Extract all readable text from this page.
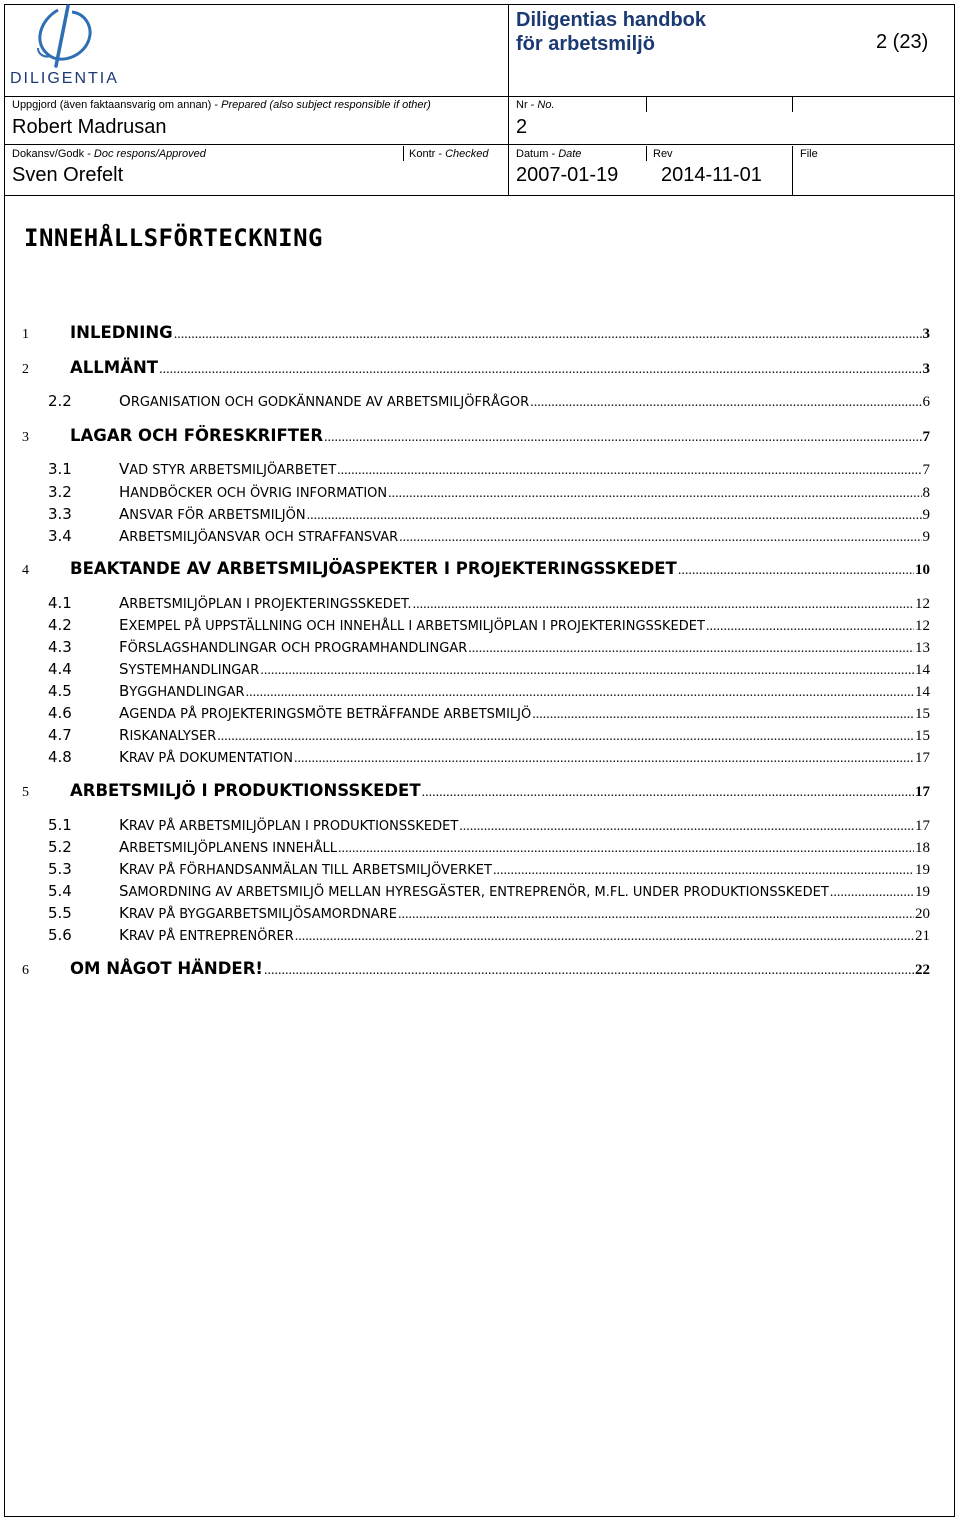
DILIGENTIA
Diligentias handbok
för arbetsmiljö	2 (23)
Uppgjord (även faktaansvarig om annan) - Prepared (also subject responsible if other)
Robert Madrusan
Nr - No.
2
Dokansv/Godk - Doc respons/Approved
Sven Orefelt
Kontr - Checked	Datum - Date
2007-01-19
Rev
2014-11-01
File
INNEHÅLLSFÖRTECKNING
1	INLEDNING .....	3
2	ALLMÄNT .....	3
2.2	ORGANISATION OCH GODKÄNNANDE AV ARBETSMILJÖFRÅGOR .....	6
3	LAGAR OCH FÖRESKRIFTER .....	7
3.1	VAD STYR ARBETSMILJÖARBETET .....	7
3.2	HANDBÖCKER OCH ÖVRIG INFORMATION .....	8
3.3	ANSVAR FÖR ARBETSMILJÖN .....	9
3.4	ARBETSMILJÖANSVAR OCH STRAFFANSVAR .....	9
4	BEAKTANDE AV ARBETSMILJÖASPEKTER I PROJEKTERINGSSKEDET .....	10
4.1	ARBETSMILJÖPLAN I PROJEKTERINGSSKEDET. .....	12
4.2	EXEMPEL PÅ UPPSTÄLLNING OCH INNEHÅLL I ARBETSMILJÖPLAN I PROJEKTERINGSSKEDET .....	12
4.3	FÖRSLAGSHANDLINGAR OCH PROGRAMHANDLINGAR .....	13
4.4	SYSTEMHANDLINGAR .....	14
4.5	BYGGHANDLINGAR .....	14
4.6	AGENDA PÅ PROJEKTERINGSMÖTE BETRÄFFANDE ARBETSMILJÖ .....	15
4.7	RISKANALYSER .....	15
4.8	KRAV PÅ DOKUMENTATION .....	17
5	ARBETSMILJÖ I PRODUKTIONSSKEDET .....	17
5.1	KRAV PÅ ARBETSMILJÖPLAN I PRODUKTIONSSKEDET .....	17
5.2	ARBETSMILJÖPLANENS INNEHÅLL .....	18
5.3	KRAV PÅ FÖRHANDSANMÄLAN TILL ARBETSMILJÖVERKET .....	19
5.4	SAMORDNING AV ARBETSMILJÖ MELLAN HYRESGÄSTER, ENTREPRENÖR, M.FL. UNDER PRODUKTIONSSKEDET .....	19
5.5	KRAV PÅ BYGGARBETSMILJÖSAMORDNARE .....	20
5.6	KRAV PÅ ENTREPRENÖRER .....	21
6	OM NÅGOT HÄNDER! .....	22
